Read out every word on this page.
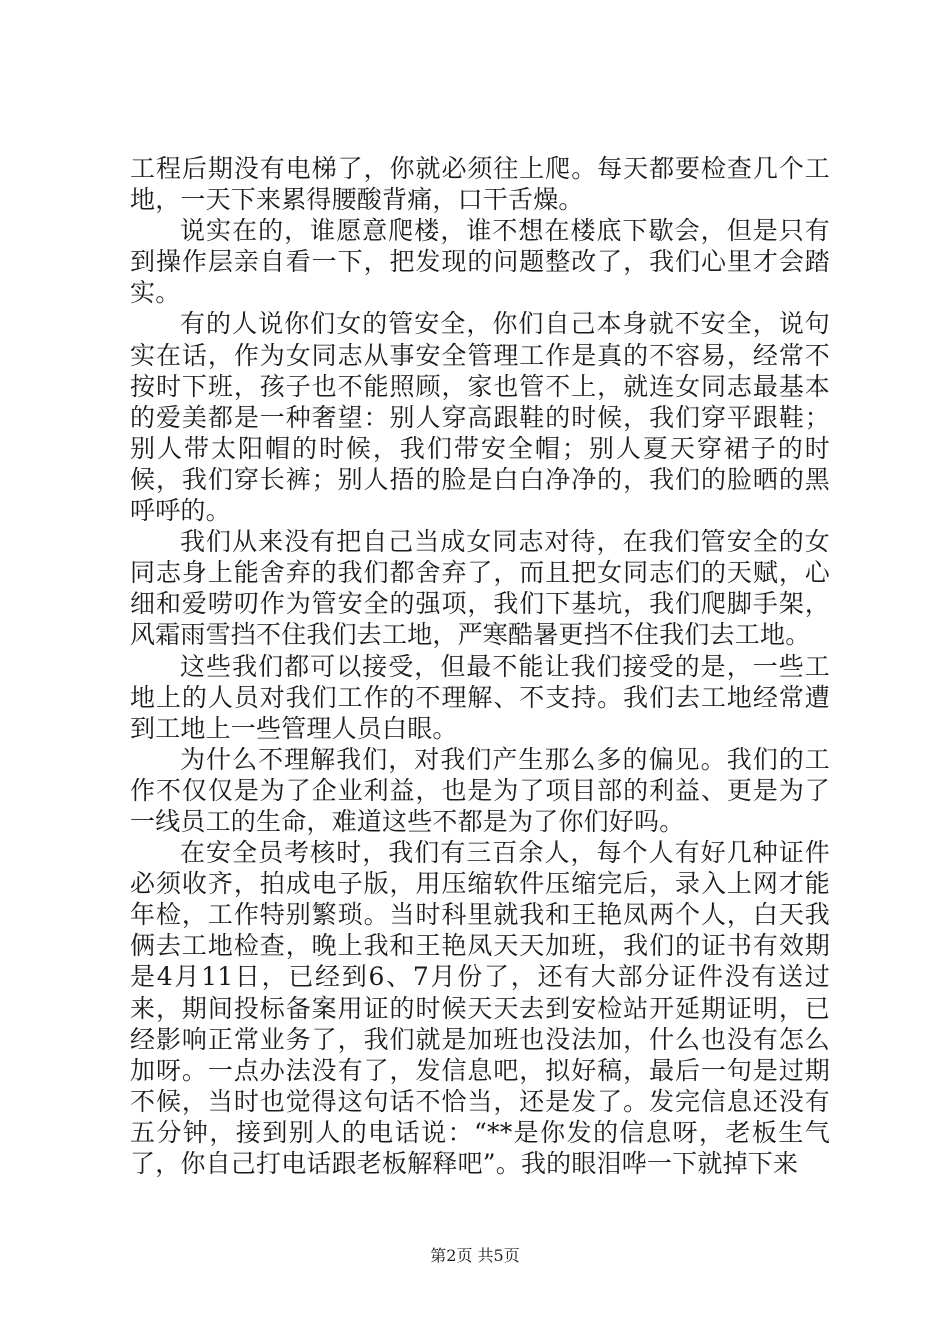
工程后期没有电梯了，你就必须往上爬。每天都要检查几个工地，一天下来累得腰酸背痛，口干舌燥。

说实在的，谁愿意爬楼，谁不想在楼底下歇会，但是只有到操作层亲自看一下，把发现的问题整改了，我们心里才会踏实。

有的人说你们女的管安全，你们自己本身就不安全，说句实在话，作为女同志从事安全管理工作是真的不容易，经常不按时下班，孩子也不能照顾，家也管不上，就连女同志最基本的爱美都是一种奢望：别人穿高跟鞋的时候，我们穿平跟鞋；别人带太阳帽的时候，我们带安全帽；别人夏天穿裙子的时候，我们穿长裤；别人捂的脸是白白净净的，我们的脸晒的黑呼呼的。

我们从来没有把自己当成女同志对待，在我们管安全的女同志身上能舍弃的我们都舍弃了，而且把女同志们的天赋，心细和爱唠叨作为管安全的强项，我们下基坑，我们爬脚手架，风霜雨雪挡不住我们去工地，严寒酷暑更挡不住我们去工地。

这些我们都可以接受，但最不能让我们接受的是，一些工地上的人员对我们工作的不理解、不支持。我们去工地经常遭到工地上一些管理人员白眼。

为什么不理解我们，对我们产生那么多的偏见。我们的工作不仅仅是为了企业利益，也是为了项目部的利益、更是为了一线员工的生命，难道这些不都是为了你们好吗。

在安全员考核时，我们有三百余人，每个人有好几种证件必须收齐，拍成电子版，用压缩软件压缩完后，录入上网才能年检，工作特别繁琐。当时科里就我和王艳凤两个人，白天我俩去工地检查，晚上我和王艳凤天天加班，我们的证书有效期是4月11日，已经到6、7月份了，还有大部分证件没有送过来，期间投标备案用证的时候天天去到安检站开延期证明，已经影响正常业务了，我们就是加班也没法加，什么也没有怎么加呀。一点办法没有了，发信息吧，拟好稿，最后一句是过期不候，当时也觉得这句话不恰当，还是发了。发完信息还没有五分钟，接到别人的电话说：“**是你发的信息呀，老板生气了，你自己打电话跟老板解释吧”。我的眼泪哗一下就掉下来

第2页 共5页
